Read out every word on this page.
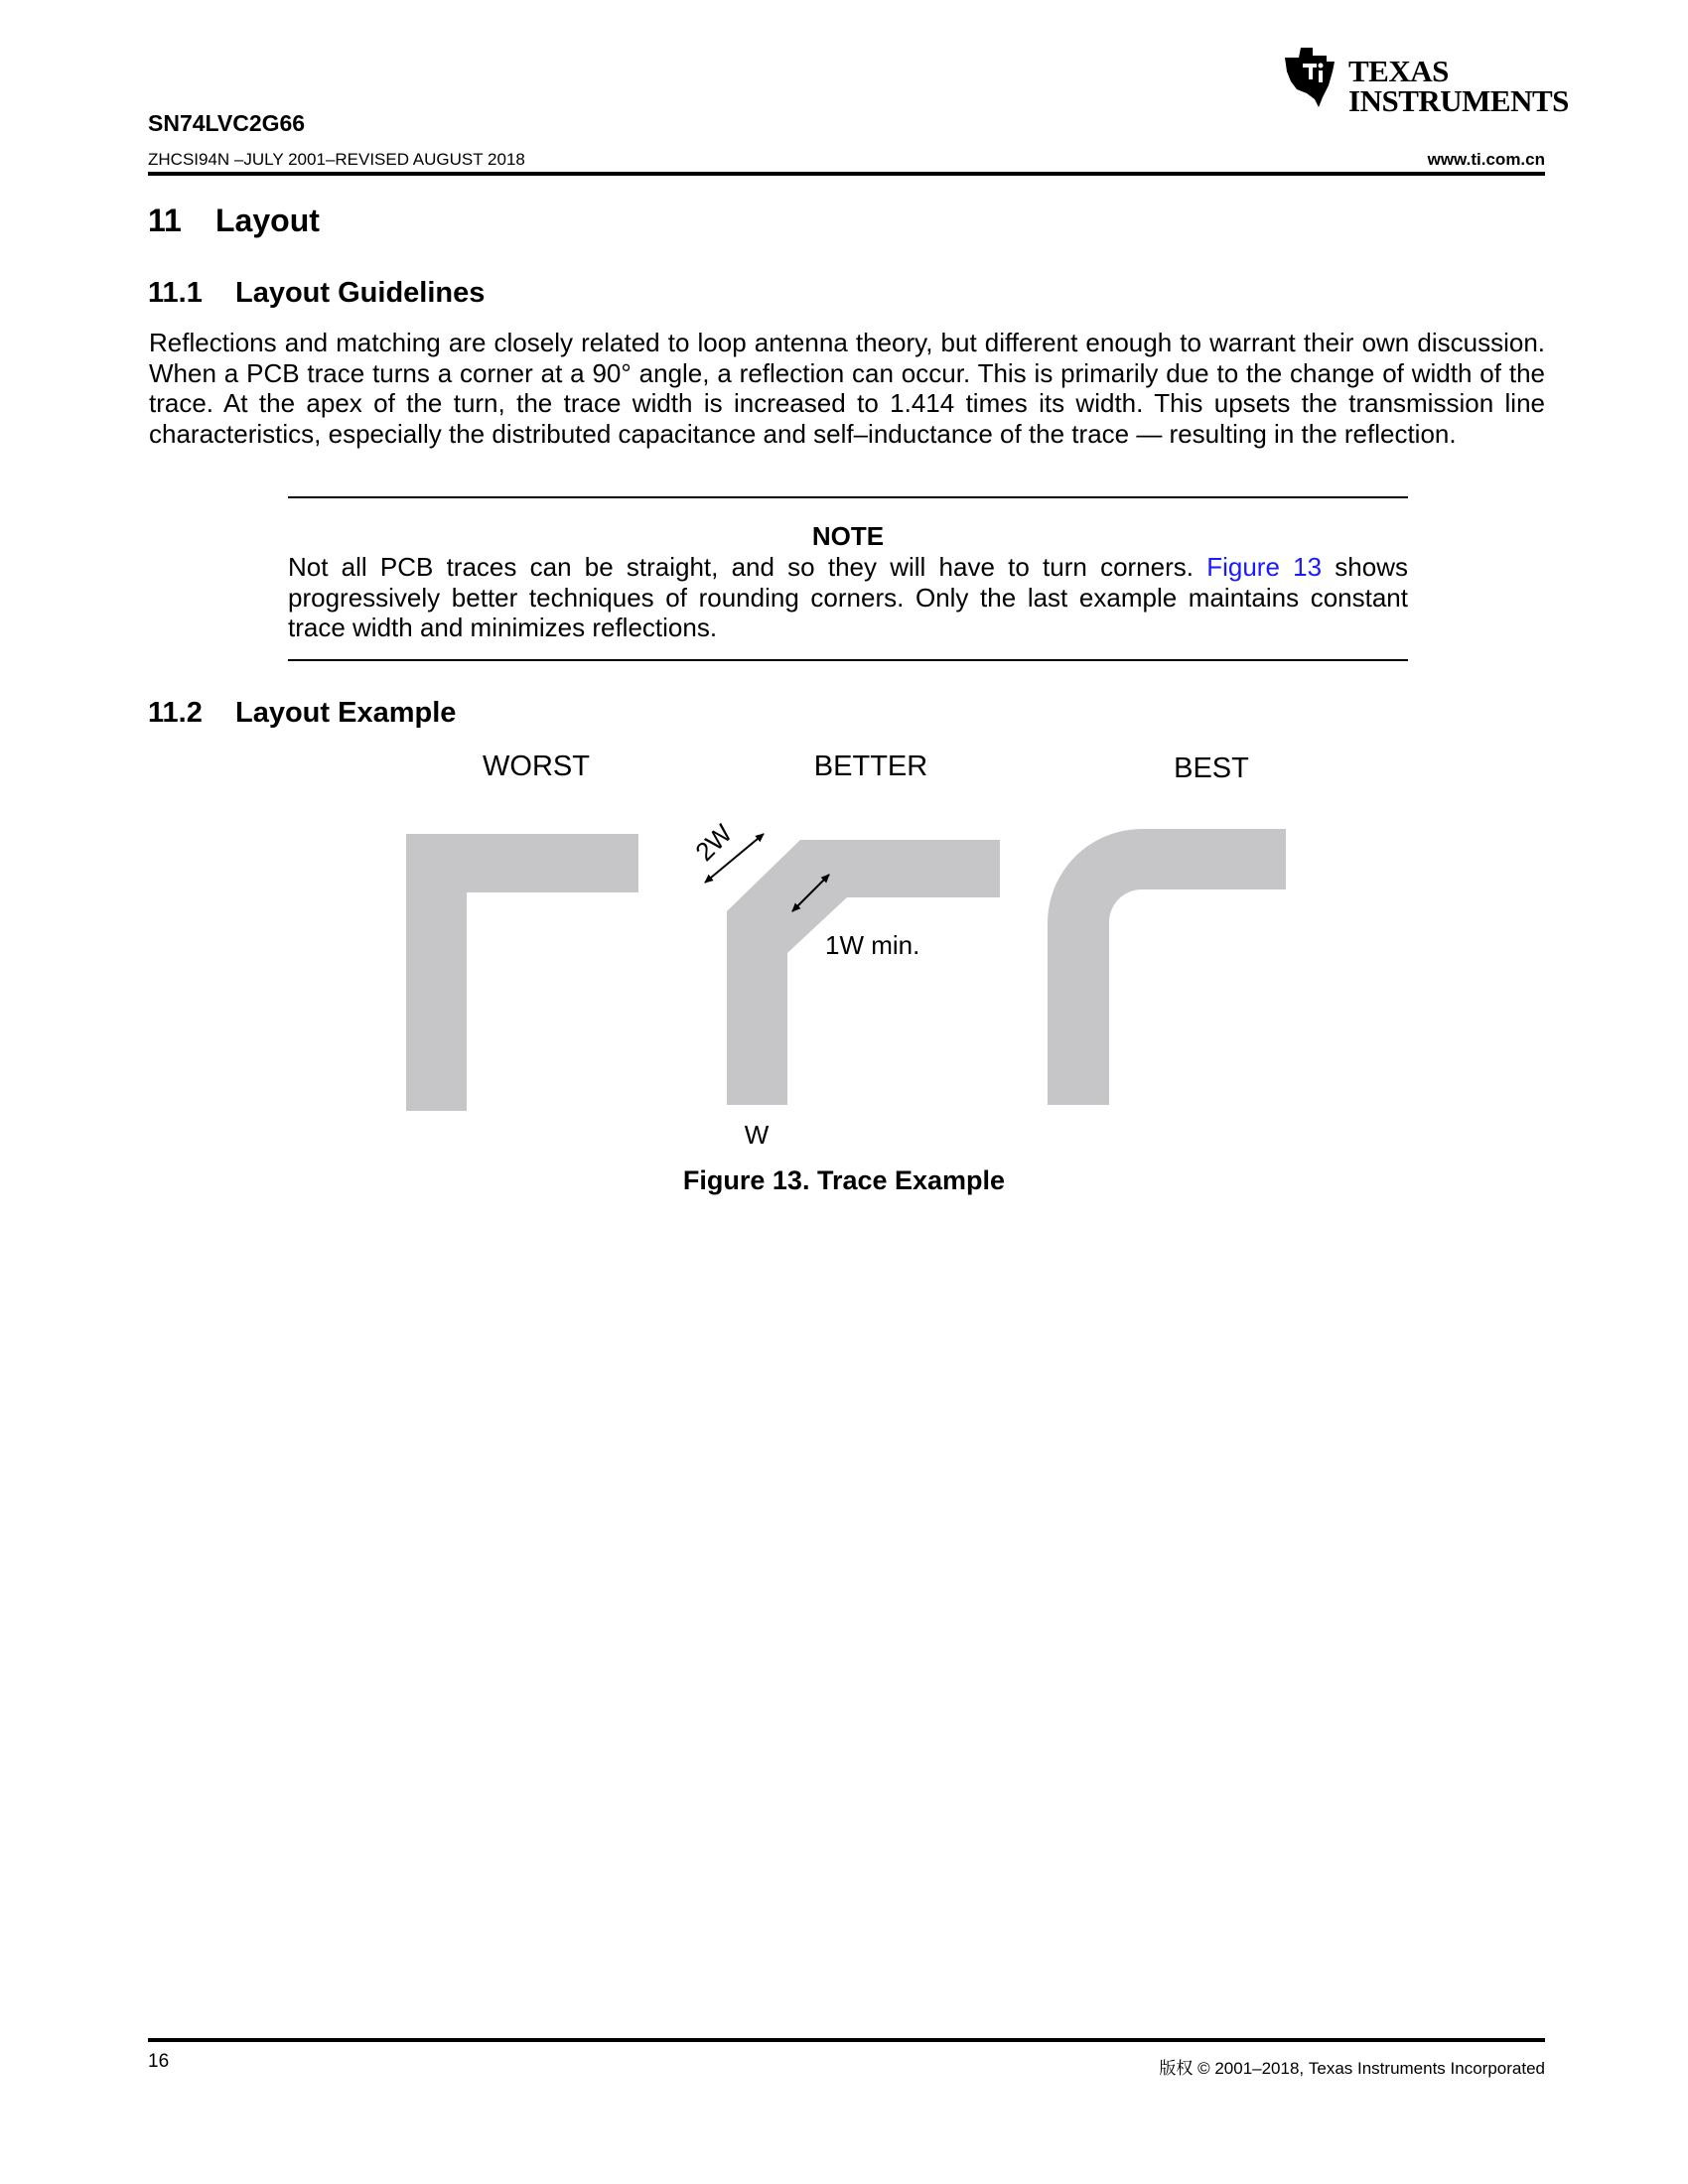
TEXAS
INSTRUMENTS
SN74LVC2G66
ZHCSI94N –JULY 2001–REVISED AUGUST 2018	www.ti.com.cn
11 Layout
11.1 Layout Guidelines

Reflections and matching are closely related to loop antenna theory, but different enough to warrant their own discussion. When a PCB trace turns a corner at a 90° angle, a reflection can occur. This is primarily due to the change of width of the trace. At the apex of the turn, the trace width is increased to 1.414 times its width. This upsets the transmission line characteristics, especially the distributed capacitance and self–inductance of the trace — resulting in the reflection.

NOTE

Not all PCB traces can be straight, and so they will have to turn corners. Figure 13 shows progressively better techniques of rounding corners. Only the last example maintains constant trace width and minimizes reflections.

11.2 Layout Example
WORST	BETTER	BEST
2W
1W min.
W
Figure 13. Trace Example
16	版权 © 2001–2018, Texas Instruments Incorporated
